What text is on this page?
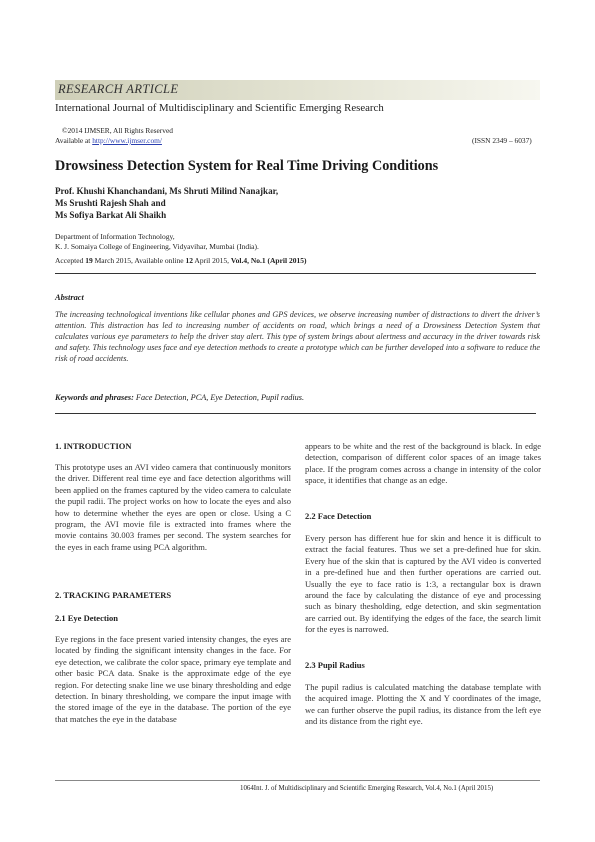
RESEARCH ARTICLE
International Journal of Multidisciplinary and Scientific Emerging Research
©2014 IJMSER, All Rights Reserved
Available at http://www.ijmser.com/	(ISSN 2349 – 6037)
Drowsiness Detection System for Real Time Driving Conditions
Prof. Khushi Khanchandani, Ms Shruti Milind Nanajkar,
Ms Srushti Rajesh Shah and
Ms Sofiya Barkat Ali Shaikh
Department of Information Technology,
K. J. Somaiya College of Engineering, Vidyavihar, Mumbai (India).
Accepted 19 March 2015, Available online 12 April 2015, Vol.4, No.1 (April 2015)
Abstract
The increasing technological inventions like cellular phones and GPS devices, we observe increasing number of distractions to divert the driver’s attention. This distraction has led to increasing number of accidents on road, which brings a need of a Drowsiness Detection System that calculates various eye parameters to help the driver stay alert. This type of system brings about alertness and accuracy in the driver towards risk and safety. This technology uses face and eye detection methods to create a prototype which can be further developed into a software to reduce the risk of road accidents.
Keywords and phrases: Face Detection, PCA, Eye Detection, Pupil radius.
1. INTRODUCTION

This prototype uses an AVI video camera that continuously monitors the driver. Different real time eye and face detection algorithms will been applied on the frames captured by the video camera to calculate the pupil radii. The project works on how to locate the eyes and also how to determine whether the eyes are open or close. Using a C program, the AVI movie file is extracted into frames where the movie contains 30.003 frames per second. The system searches for the eyes in each frame using PCA algorithm.

2. TRACKING PARAMETERS
2.1 Eye Detection

Eye regions in the face present varied intensity changes, the eyes are located by finding the significant intensity changes in the face. For eye detection, we calibrate the color space, primary eye template and other basic PCA data. Snake is the approximate edge of the eye region. For detecting snake line we use binary thresholding and edge detection. In binary thresholding, we compare the input image with the stored image of the eye in the database. The portion of the eye that matches the eye in the database

appears to be white and the rest of the background is black. In edge detection, comparison of different color spaces of an image takes place. If the program comes across a change in intensity of the color space, it identifies that change as an edge.

2.2 Face Detection

Every person has different hue for skin and hence it is difficult to extract the facial features. Thus we set a pre-defined hue for skin. Every hue of the skin that is captured by the AVI video is converted in a pre-defined hue and then further operations are carried out. Usually the eye to face ratio is 1:3, a rectangular box is drawn around the face by calculating the distance of eye and processing such as binary thesholding, edge detection, and skin segmentation are carried out. By identifying the edges of the face, the search limit for the eyes is narrowed.

2.3 Pupil Radius

The pupil radius is calculated matching the database template with the acquired image. Plotting the X and Y coordinates of the image, we can further observe the pupil radius, its distance from the left eye and its distance from the right eye.

1064Int. J. of Multidisciplinary and Scientific Emerging Research, Vol.4, No.1 (April 2015)
